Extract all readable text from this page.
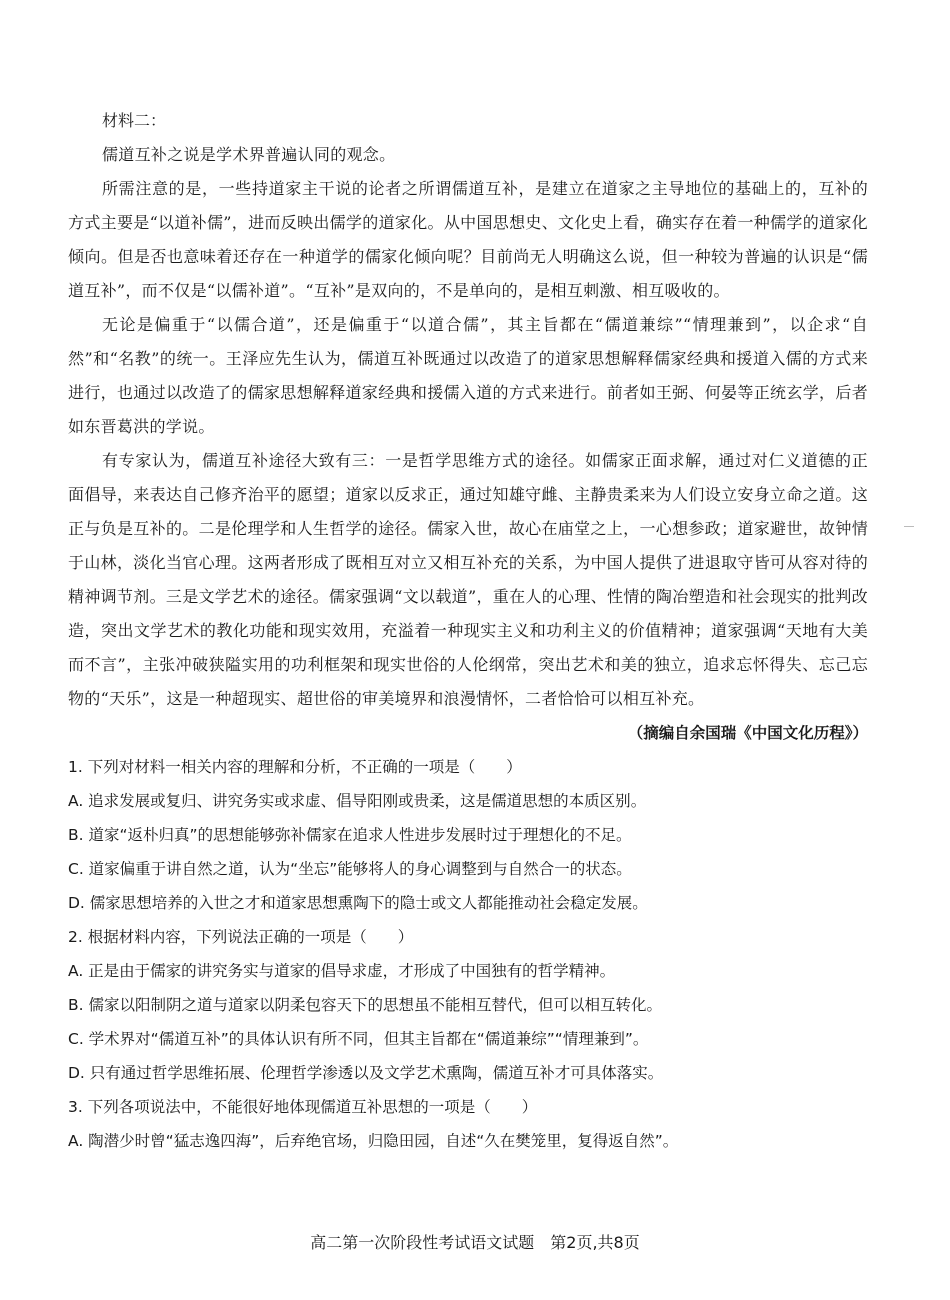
材料二：

儒道互补之说是学术界普遍认同的观念。

所需注意的是，一些持道家主干说的论者之所谓儒道互补，是建立在道家之主导地位的基础上的，互补的方式主要是“以道补儒”，进而反映出儒学的道家化。从中国思想史、文化史上看，确实存在着一种儒学的道家化倾向。但是否也意味着还存在一种道学的儒家化倾向呢？目前尚无人明确这么说，但一种较为普遍的认识是“儒道互补”，而不仅是“以儒补道”。“互补”是双向的，不是单向的，是相互刺激、相互吸收的。

无论是偏重于“以儒合道”，还是偏重于“以道合儒”，其主旨都在“儒道兼综”“情理兼到”，以企求“自然”和“名教”的统一。王泽应先生认为，儒道互补既通过以改造了的道家思想解释儒家经典和援道入儒的方式来进行，也通过以改造了的儒家思想解释道家经典和援儒入道的方式来进行。前者如王弼、何晏等正统玄学，后者如东晋葛洪的学说。

有专家认为，儒道互补途径大致有三：一是哲学思维方式的途径。如儒家正面求解，通过对仁义道德的正面倡导，来表达自己修齐治平的愿望；道家以反求正，通过知雄守雌、主静贵柔来为人们设立安身立命之道。这正与负是互补的。二是伦理学和人生哲学的途径。儒家入世，故心在庙堂之上，一心想参政；道家避世，故钟情于山林，淡化当官心理。这两者形成了既相互对立又相互补充的关系，为中国人提供了进退取守皆可从容对待的精神调节剂。三是文学艺术的途径。儒家强调“文以载道”，重在人的心理、性情的陶冶塑造和社会现实的批判改造，突出文学艺术的教化功能和现实效用，充溢着一种现实主义和功利主义的价值精神；道家强调“天地有大美而不言”，主张冲破狭隘实用的功利框架和现实世俗的人伦纲常，突出艺术和美的独立，追求忘怀得失、忘己忘物的“天乐”，这是一种超现实、超世俗的审美境界和浪漫情怀，二者恰恰可以相互补充。

（摘编自余国瑞《中国文化历程》）

1. 下列对材料一相关内容的理解和分析，不正确的一项是（　　）

A. 追求发展或复归、讲究务实或求虚、倡导阳刚或贵柔，这是儒道思想的本质区别。

B. 道家“返朴归真”的思想能够弥补儒家在追求人性进步发展时过于理想化的不足。

C. 道家偏重于讲自然之道，认为“坐忘”能够将人的身心调整到与自然合一的状态。

D. 儒家思想培养的入世之才和道家思想熏陶下的隐士或文人都能推动社会稳定发展。

2. 根据材料内容，下列说法正确的一项是（　　）

A. 正是由于儒家的讲究务实与道家的倡导求虚，才形成了中国独有的哲学精神。

B. 儒家以阳制阴之道与道家以阴柔包容天下的思想虽不能相互替代，但可以相互转化。

C. 学术界对“儒道互补”的具体认识有所不同，但其主旨都在“儒道兼综”“情理兼到”。

D. 只有通过哲学思维拓展、伦理哲学渗透以及文学艺术熏陶，儒道互补才可具体落实。

3. 下列各项说法中，不能很好地体现儒道互补思想的一项是（　　）

A. 陶潜少时曾“猛志逸四海”，后弃绝官场，归隐田园，自述“久在樊笼里，复得返自然”。

高二第一次阶段性考试语文试题　第2页,共8页
